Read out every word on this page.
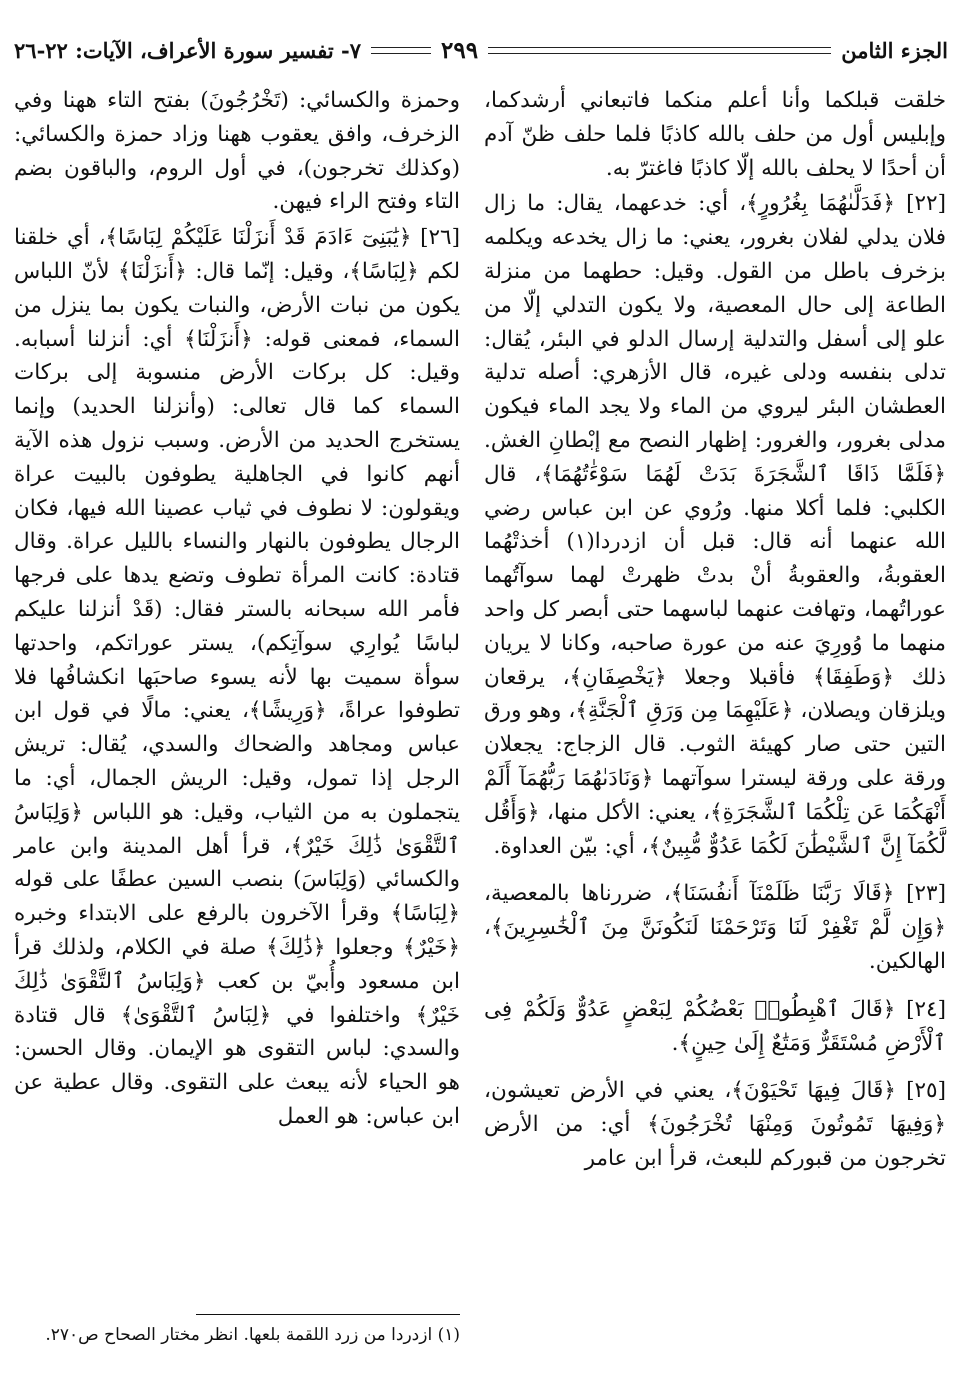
الجزء الثامن
٢٩٩
٧- تفسير سورة الأعراف، الآيات: ٢٢-٢٦

خلقت قبلكما وأنا أعلم منكما فاتبعاني أرشدكما، وإبليس أول من حلف بالله كاذبًا فلما حلف ظنّ آدم أن أحدًا لا يحلف بالله إلّا كاذبًا فاغترّ به.

[٢٢] ﴿فَدَلَّىٰهُمَا بِغُرُورٍ﴾، أي: خدعهما، يقال: ما زال فلان يدلي لفلان بغرور، يعني: ما زال يخدعه ويكلمه بزخرف باطل من القول. وقيل: حطهما من منزلة الطاعة إلى حال المعصية، ولا يكون التدلي إلّا من علو إلى أسفل والتدلية إرسال الدلو في البئر، يُقال: تدلى بنفسه ودلى غيره، قال الأزهري: أصله تدلية العطشان البئر ليروي من الماء ولا يجد الماء فيكون مدلى بغرور، والغرور: إظهار النصح مع إبْطانِ الغش. ﴿فَلَمَّا ذَاقَا ٱلشَّجَرَةَ بَدَتْ لَهُمَا سَوْءَٰتُهُمَا﴾، قال الكلبي: فلما أكلا منها. ورُوي عن ابن عباس رضي الله عنهما أنه قال: قبل أن ازدردا(١) أخذتْهُما العقوبةُ، والعقوبةُ أنْ بدتْ ظهرتْ لهما سوآتُهما عوراتُهما، وتهافت عنهما لباسهما حتى أبصر كل واحد منهما ما وُورِيَ عنه من عورة صاحبه، وكانا لا يريان ذلك ﴿وَطَفِقَا﴾ فأقبلا وجعلا ﴿يَخْصِفَانِ﴾، يرقعان ويلزقان ويصلان، ﴿عَلَيْهِمَا مِن وَرَقِ ٱلْجَنَّةِ﴾، وهو ورق التين حتى صار كهيئة الثوب. قال الزجاج: يجعلان ورقة على ورقة ليسترا سوآتهما ﴿وَنَادَىٰهُمَا رَبُّهُمَآ أَلَمْ أَنْهَكُمَا عَن تِلْكُمَا ٱلشَّجَرَةِ﴾، يعني: الأكل منها، ﴿وَأَقُل لَّكُمَآ إِنَّ ٱلشَّيْطَٰنَ لَكُمَا عَدُوٌّ مُّبِينٌ﴾، أي: بيّن العداوة.

[٢٣] ﴿قَالَا رَبَّنَا ظَلَمْنَآ أَنفُسَنَا﴾، ضررناها بالمعصية، ﴿وَإِن لَّمْ تَغْفِرْ لَنَا وَتَرْحَمْنَا لَنَكُونَنَّ مِنَ ٱلْخَٰسِرِينَ﴾، الهالكين.

[٢٤] ﴿قَالَ ٱهْبِطُوا۟ بَعْضُكُمْ لِبَعْضٍ عَدُوٌّ وَلَكُمْ فِى ٱلْأَرْضِ مُسْتَقَرٌّ وَمَتَٰعٌ إِلَىٰ حِينٍ﴾.

[٢٥] ﴿قَالَ فِيهَا تَحْيَوْنَ﴾، يعني في الأرض تعيشون، ﴿وَفِيهَا تَمُوتُونَ وَمِنْهَا تُخْرَجُونَ﴾ أي: من الأرض تخرجون من قبوركم للبعث، قرأ ابن عامر

وحمزة والكسائي: (تَخْرُجُونَ) بفتح التاء ههنا وفي الزخرف، وافق يعقوب ههنا وزاد حمزة والكسائي: (وكذلك تخرجون)، في أول الروم، والباقون بضم التاء وفتح الراء فيهن.

[٢٦] ﴿يَٰبَنِىٓ ءَادَمَ قَدْ أَنزَلْنَا عَلَيْكُمْ لِبَاسًا﴾، أي خلقنا لكم ﴿لِبَاسًا﴾، وقيل: إنّما قال: ﴿أَنزَلْنَا﴾ لأنّ اللباس يكون من نبات الأرض، والنبات يكون بما ينزل من السماء، فمعنى قوله: ﴿أَنزَلْنَا﴾ أي: أنزلنا أسبابه. وقيل: كل بركات الأرض منسوبة إلى بركات السماء كما قال تعالى: (وأنزلنا الحديد) وإنما يستخرج الحديد من الأرض. وسبب نزول هذه الآية أنهم كانوا في الجاهلية يطوفون بالبيت عراة ويقولون: لا نطوف في ثياب عصينا الله فيها، فكان الرجال يطوفون بالنهار والنساء بالليل عراة. وقال قتادة: كانت المرأة تطوف وتضع يدها على فرجها فأمر الله سبحانه بالستر فقال: (قَدْ أنزلنا عليكم لباسًا يُوارِي سوآتِكم)، يستر عوراتكم، واحدتها سوأة سميت بها لأنه يسوء صاحبَها انكشافُها فلا تطوفوا عراةً، ﴿وَرِيشًا﴾، يعني: مالًا في قول ابن عباس ومجاهد والضحاك والسدي، يُقال: تريش الرجل إذا تمول، وقيل: الريش الجمال، أي: ما يتجملون به من الثياب، وقيل: هو اللباس ﴿وَلِبَاسُ ٱلتَّقْوَىٰ ذَٰلِكَ خَيْرٌ﴾، قرأ أهل المدينة وابن عامر والكسائي (وَلِبَاسَ) بنصب السين عطفًا على قوله ﴿لِبَاسًا﴾ وقرأ الآخرون بالرفع على الابتداء وخبره ﴿خَيْرٌ﴾ وجعلوا ﴿ذَٰلِكَ﴾ صلة في الكلام، ولذلك قرأ ابن مسعود وأُبيّ بن كعب ﴿وَلِبَاسُ ٱلتَّقْوَىٰ ذَٰلِكَ خَيْرٌ﴾ واختلفوا في ﴿لِبَاسُ ٱلتَّقْوَىٰ﴾ قال قتادة والسدي: لباس التقوى هو الإيمان. وقال الحسن: هو الحياء لأنه يبعث على التقوى. وقال عطية عن ابن عباس: هو العمل

(١) ازدردا من زرد اللقمة بلعها. انظر مختار الصحاح ص٢٧٠.
